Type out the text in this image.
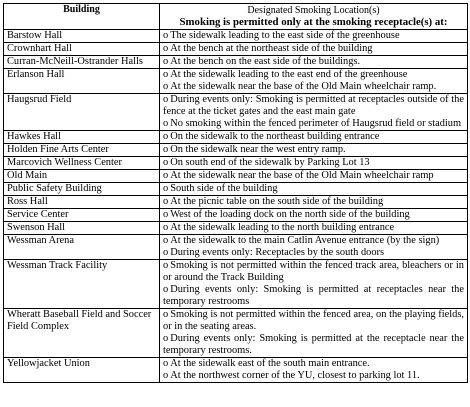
Building	Designated Smoking Location(s)
Smoking is permitted only at the smoking receptacle(s) at:

Barstow Hall	o The sidewalk leading to the east side of the greenhouse

Crownhart Hall	o At the bench at the northeast side of the building

Curran-McNeill-Ostrander Halls	o At the bench on the east side of the buildings.

Erlanson Hall	o At the sidewalk leading to the east end of the greenhouse
o At the sidewalk near the base of the Old Main wheelchair ramp.

Haugsrud Field	o During events only: Smoking is permitted at receptacles outside of the fence at the ticket gates and the east main gate
o No smoking within the fenced perimeter of Haugsrud field or stadium

Hawkes Hall	o On the sidewalk to the northeast building entrance

Holden Fine Arts Center	o On the sidewalk near the west entry ramp.

Marcovich Wellness Center	o On south end of the sidewalk by Parking Lot 13

Old Main	o At the sidewalk near the base of the Old Main wheelchair ramp

Public Safety Building	o South side of the building

Ross Hall	o At the picnic table on the south side of the building

Service Center	o West of the loading dock on the north side of the building

Swenson Hall	o At the sidewalk leading to the north building entrance

Wessman Arena	o At the sidewalk to the main Catlin Avenue entrance (by the sign)
o During events only: Receptacles by the south doors

Wessman Track Facility	o Smoking is not permitted within the fenced track area, bleachers or in or around the Track Building
o During events only: Smoking is permitted at receptacles near the temporary restrooms

Wheratt Baseball Field and Soccer Field Complex	o Smoking is not permitted within the fenced area, on the playing fields, or in the seating areas.
o During events only: Smoking is permitted at the receptacle near the temporary restrooms.

Yellowjacket Union	o At the sidewalk east of the south main entrance.
o At the northwest corner of the YU, closest to parking lot 11.
